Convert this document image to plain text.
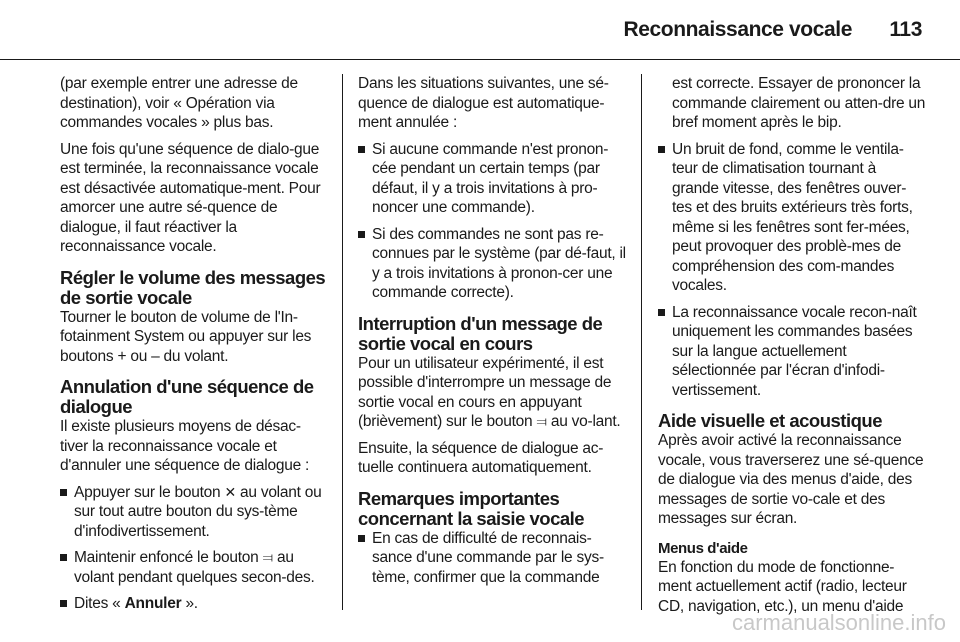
Reconnaissance vocale 113

(par exemple entrer une adresse de destination), voir « Opération via commandes vocales » plus bas.

Une fois qu'une séquence de dialo-gue est terminée, la reconnaissance vocale est désactivée automatique-ment. Pour amorcer une autre sé-quence de dialogue, il faut réactiver la reconnaissance vocale.

Régler le volume des messages de sortie vocale

Tourner le bouton de volume de l'In-fotainment System ou appuyer sur les boutons + ou – du volant.

Annulation d'une séquence de dialogue

Il existe plusieurs moyens de désac-tiver la reconnaissance vocale et d'annuler une séquence de dialogue :

Appuyer sur le bouton ✕ au volant ou sur tout autre bouton du sys-tème d'infodivertissement.
Maintenir enfoncé le bouton ⫤ au volant pendant quelques secon-des.
Dites « Annuler ».

Dans les situations suivantes, une sé-quence de dialogue est automatique-ment annulée :

Si aucune commande n'est pronon-cée pendant un certain temps (par défaut, il y a trois invitations à pro-noncer une commande).
Si des commandes ne sont pas re-connues par le système (par dé-faut, il y a trois invitations à pronon-cer une commande correcte).
Interruption d'un message de sortie vocal en cours

Pour un utilisateur expérimenté, il est possible d'interrompre un message de sortie vocal en cours en appuyant (brièvement) sur le bouton ⫤ au vo-lant.

Ensuite, la séquence de dialogue ac-tuelle continuera automatiquement.

Remarques importantes concernant la saisie vocale
En cas de difficulté de reconnais-sance d'une commande par le sys-tème, confirmer que la commande

est correcte. Essayer de prononcer la commande clairement ou atten-dre un bref moment après le bip.

Un bruit de fond, comme le ventila-teur de climatisation tournant à grande vitesse, des fenêtres ouver-tes et des bruits extérieurs très forts, même si les fenêtres sont fer-mées, peut provoquer des problè-mes de compréhension des com-mandes vocales.
La reconnaissance vocale recon-naît uniquement les commandes basées sur la langue actuellement sélectionnée par l'écran d'infodi-vertissement.
Aide visuelle et acoustique

Après avoir activé la reconnaissance vocale, vous traverserez une sé-quence de dialogue via des menus d'aide, des messages de sortie vo-cale et des messages sur écran.

Menus d'aide

En fonction du mode de fonctionne-ment actuellement actif (radio, lecteur CD, navigation, etc.), un menu d'aide

carmanualsonline.info
